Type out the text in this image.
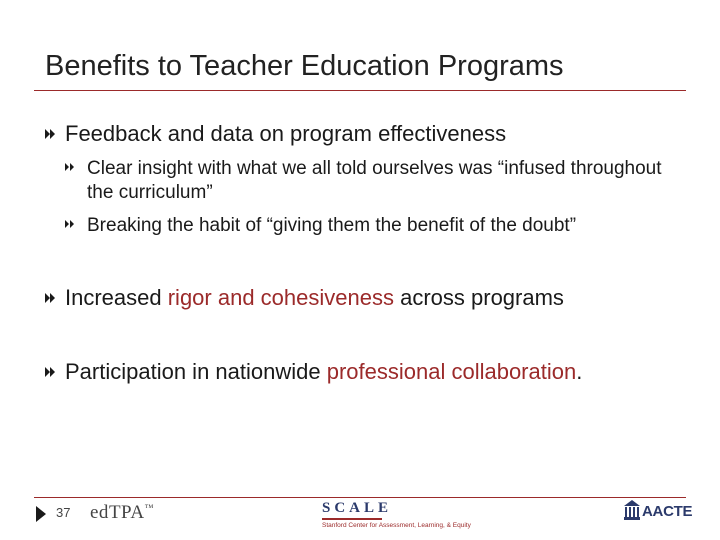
Benefits to Teacher Education Programs
Feedback and data on program effectiveness
Clear insight with what we all told ourselves was “infused throughout the curriculum”
Breaking the habit of “giving them the benefit of the doubt”
Increased rigor and cohesiveness across programs
Participation in nationwide professional collaboration.
37 edTPA™	SCALE
Stanford Center for Assessment, Learning, & Equity
AACTE
